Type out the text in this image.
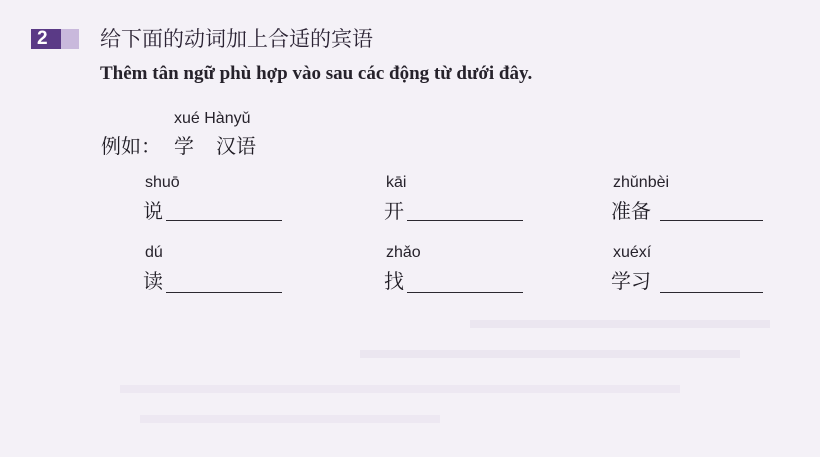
2 给下面的动词加上合适的宾语
Thêm tân ngữ phù hợp vào sau các động từ dưới đây.
xué Hànyǔ
例如： 学 汉语
shuō
说
kāi
开
zhǔnbèi
准备
dú
读
zhǎo
找
xuéxí
学习
